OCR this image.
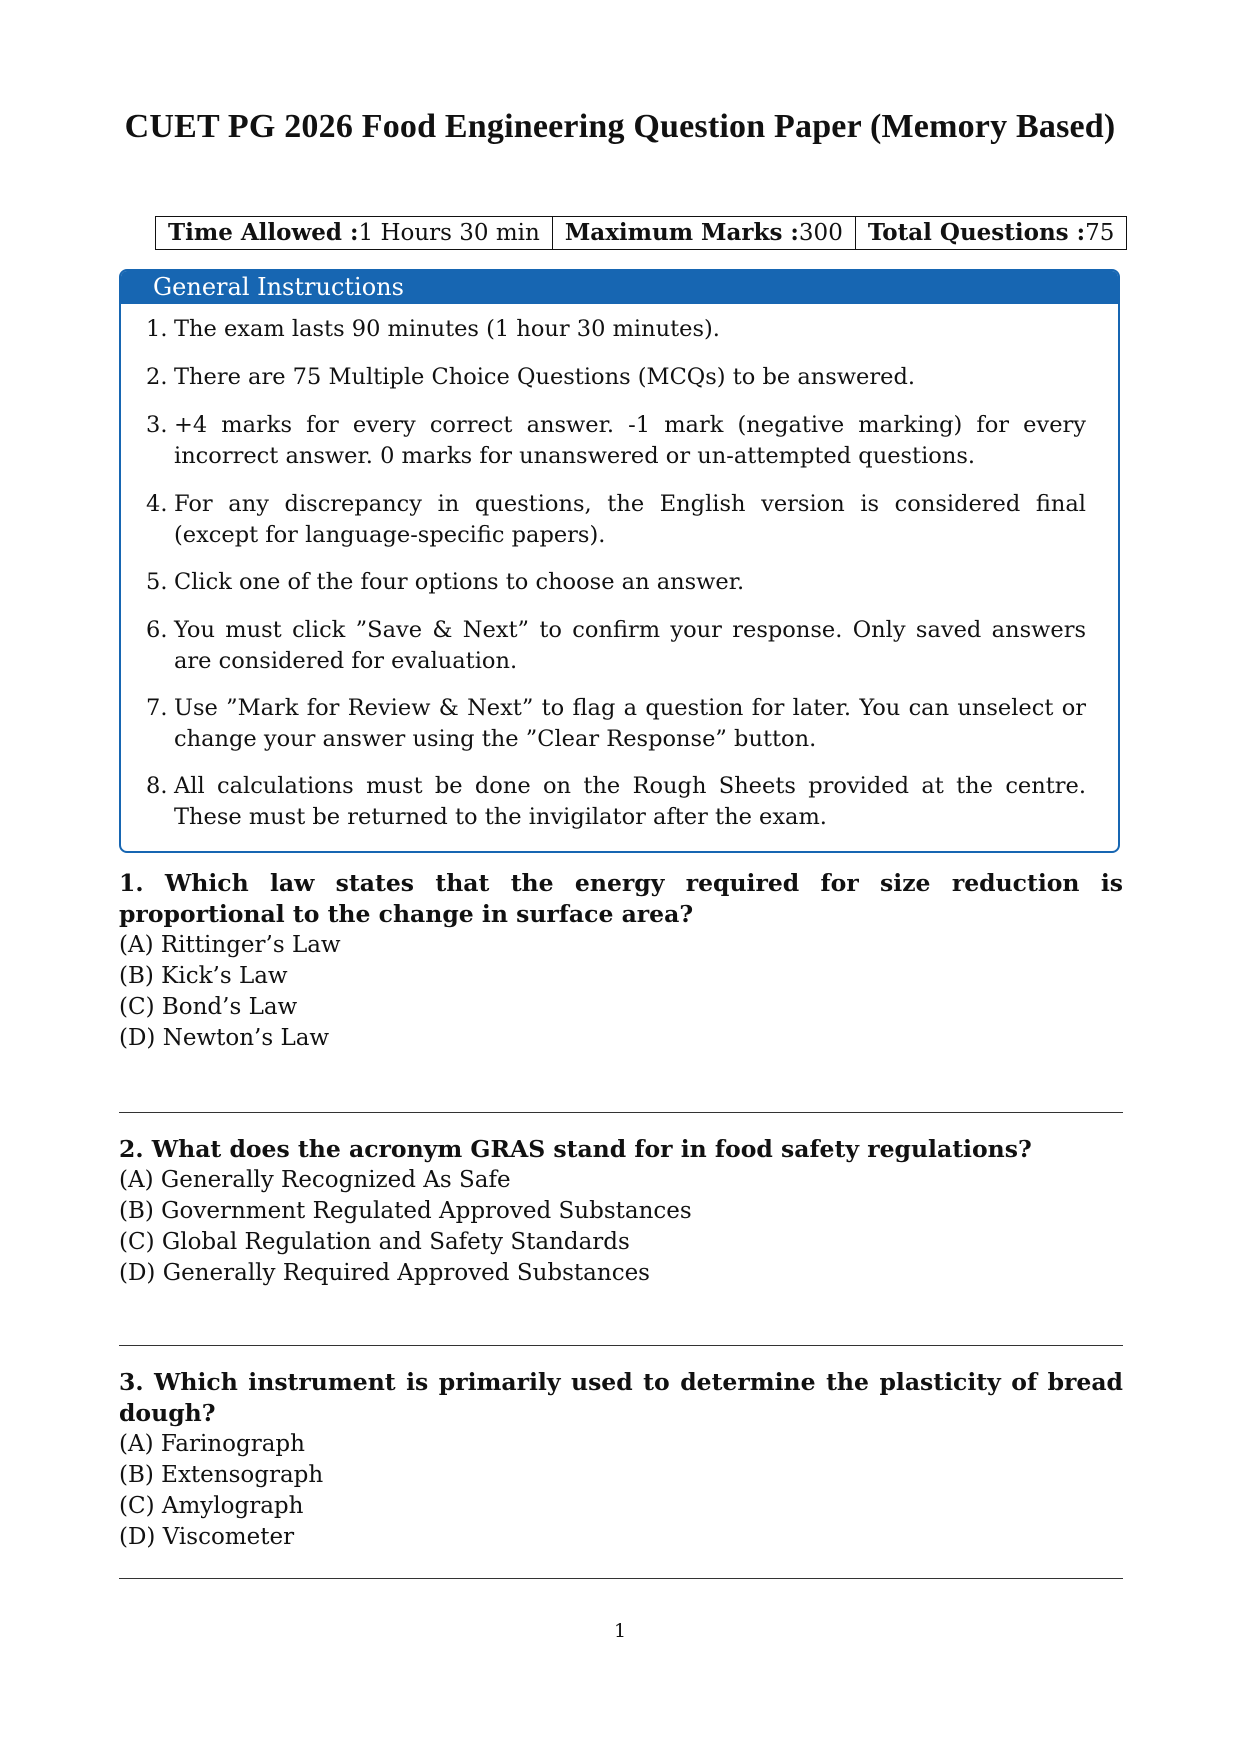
CUET PG 2026 Food Engineering Question Paper (Memory Based)
Time Allowed :1 Hours 30 min	Maximum Marks :300	Total Questions :75
General Instructions
1. The exam lasts 90 minutes (1 hour 30 minutes).
2. There are 75 Multiple Choice Questions (MCQs) to be answered.
3. +4 marks for every correct answer. -1 mark (negative marking) for every incorrect answer. 0 marks for unanswered or un-attempted questions.
4. For any discrepancy in questions, the English version is considered final (except for language-specific papers).
5. Click one of the four options to choose an answer.
6. You must click ”Save & Next” to confirm your response. Only saved answers are considered for evaluation.
7. Use ”Mark for Review & Next” to flag a question for later. You can unselect or change your answer using the ”Clear Response” button.
8. All calculations must be done on the Rough Sheets provided at the centre. These must be returned to the invigilator after the exam.
1. Which law states that the energy required for size reduction is proportional to the change in surface area?
(A) Rittinger’s Law
(B) Kick’s Law
(C) Bond’s Law
(D) Newton’s Law
2. What does the acronym GRAS stand for in food safety regulations?
(A) Generally Recognized As Safe
(B) Government Regulated Approved Substances
(C) Global Regulation and Safety Standards
(D) Generally Required Approved Substances
3. Which instrument is primarily used to determine the plasticity of bread dough?
(A) Farinograph
(B) Extensograph
(C) Amylograph
(D) Viscometer
1
